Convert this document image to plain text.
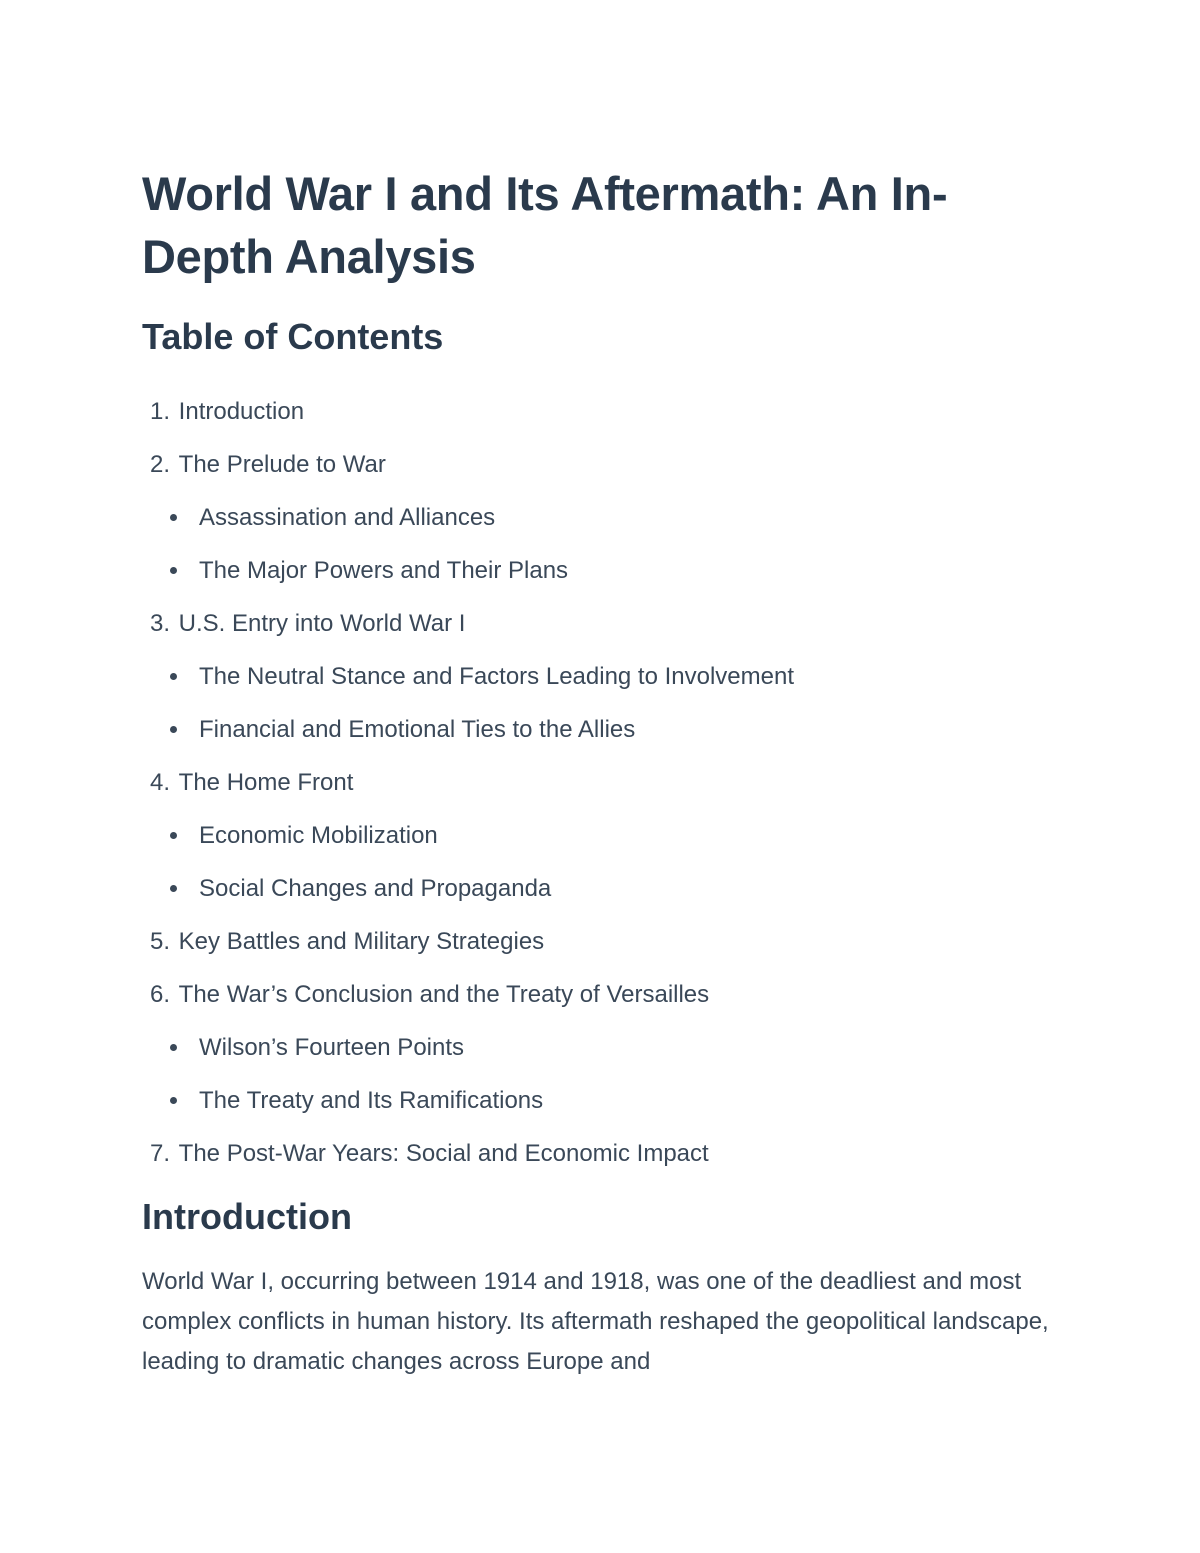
World War I and Its Aftermath: An In-Depth Analysis
Table of Contents
1.
Introduction
2.
The Prelude to War
Assassination and Alliances
The Major Powers and Their Plans
3.
U.S. Entry into World War I
The Neutral Stance and Factors Leading to Involvement
Financial and Emotional Ties to the Allies
4.
The Home Front
Economic Mobilization
Social Changes and Propaganda
5.
Key Battles and Military Strategies
6.
The War’s Conclusion and the Treaty of Versailles
Wilson’s Fourteen Points
The Treaty and Its Ramifications
7.
The Post-War Years: Social and Economic Impact
Introduction

World War I, occurring between 1914 and 1918, was one of the deadliest and most complex conflicts in human history. Its aftermath reshaped the geopolitical landscape, leading to dramatic changes across Europe and
